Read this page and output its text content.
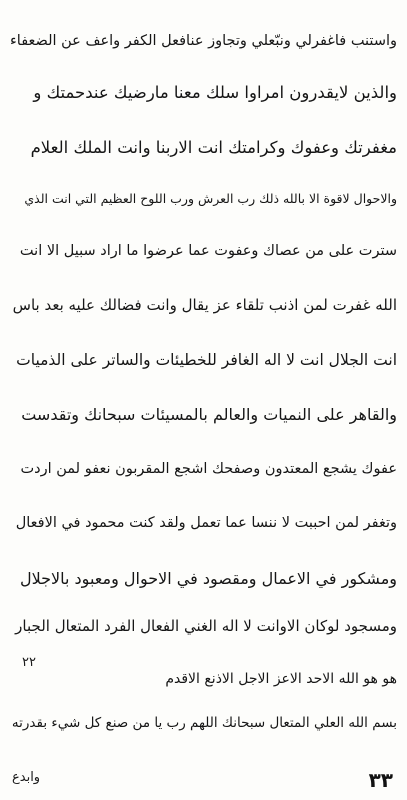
واستنب فاغفرلي ونبّعلي وتجاوز عنافعل الكفر واعف عن الضعفاء
والذين لايقدرون امراوا سلك معنا مارضيك عندحمتك و
مغفرتك وعفوك وكرامتك انت الاربنا وانت الملك العلام
والاحوال لاقوة الا بالله ذلك رب العرش ورب اللوح العظيم التي انت الذي
سترت على من عصاك وعفوت عما عرضوا ما اراد سبيل الا انت
الله غفرت لمن اذنب تلقاء عز يقال وانت فضالك عليه بعد باس
انت الجلال انت لا اله الغافر للخطيئات والساتر على الذميات
والقاهر على النميات والعالم بالمسيئات سبحانك وتقدست
عفوك يشجع المعتدون وصفحك اشجع المقربون نعفو لمن اردت
وتغفر لمن احببت لا ننسا عما تعمل ولقد كنت محمود في الافعال
ومشكور في الاعمال ومقصود في الاحوال ومعبود بالاجلال
ومسجود لوكان الاوانت لا اله الغني الفعال الفرد المتعال الجبار
٢٢
هو هو الله الاحد الاعز الاجل الاذنع الاقدم
بسم الله العلي المتعال سبحانك اللهم رب يا من صنع كل شيء بقدرته
وابدع	٣٣
